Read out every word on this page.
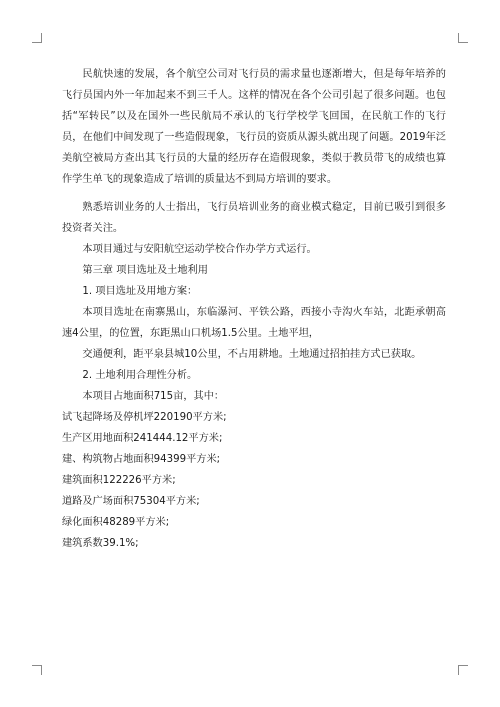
民航快速的发展，各个航空公司对飞行员的需求量也逐渐增大，但是每年培养的飞行员国内外一年加起来不到三千人。这样的情况在各个公司引起了很多问题。也包括“军转民”以及在国外一些民航局不承认的飞行学校学飞回国，在民航工作的飞行员，在他们中间发现了一些造假现象，飞行员的资质从源头就出现了问题。2019年泛美航空被局方查出其飞行员的大量的经历存在造假现象，类似于教员带飞的成绩也算作学生单飞的现象造成了培训的质量达不到局方培训的要求。

熟悉培训业务的人士指出，飞行员培训业务的商业模式稳定，目前已吸引到很多投资者关注。

本项目通过与安阳航空运动学校合作办学方式运行。

第三章 项目选址及土地利用

1. 项目选址及用地方案：

本项目选址在南寨黑山，东临瀑河、平铁公路，西接小寺沟火车站，北距承朝高速4公里，的位置，东距黑山口机场1.5公里。土地平坦，

交通便利，距平泉县城10公里，不占用耕地。土地通过招拍挂方式已获取。

2. 土地利用合理性分析。

本项目占地面积715亩，其中：

试飞起降场及停机坪220190平方米;

生产区用地面积241444.12平方米;

建、构筑物占地面积94399平方米;

建筑面积122226平方米;

道路及广场面积75304平方米;

绿化面积48289平方米;

建筑系数39.1%;
